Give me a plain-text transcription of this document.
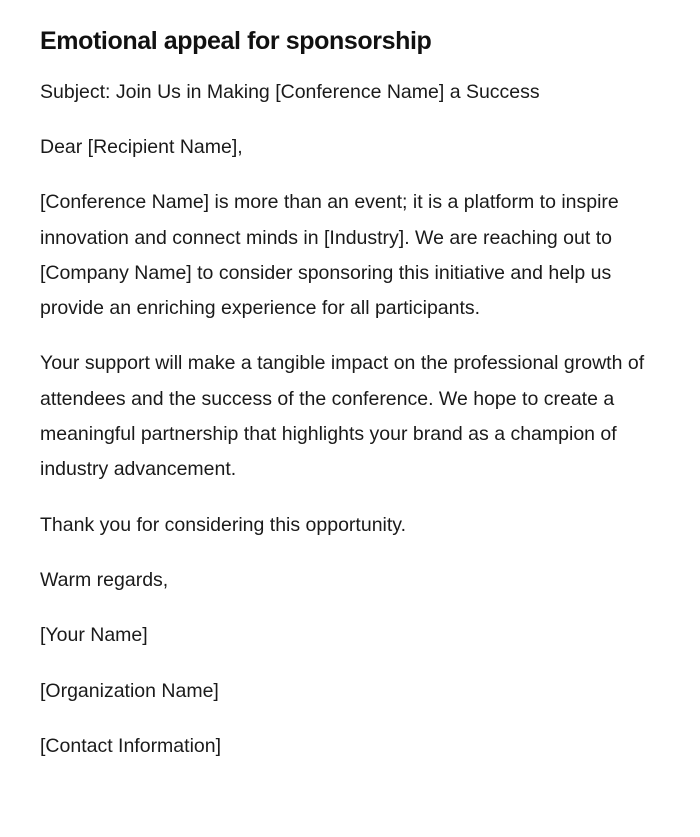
Emotional appeal for sponsorship

Subject: Join Us in Making [Conference Name] a Success

Dear [Recipient Name],

[Conference Name] is more than an event; it is a platform to inspire innovation and connect minds in [Industry]. We are reaching out to [Company Name] to consider sponsoring this initiative and help us provide an enriching experience for all participants.

Your support will make a tangible impact on the professional growth of attendees and the success of the conference. We hope to create a meaningful partnership that highlights your brand as a champion of industry advancement.

Thank you for considering this opportunity.

Warm regards,

[Your Name]

[Organization Name]

[Contact Information]
